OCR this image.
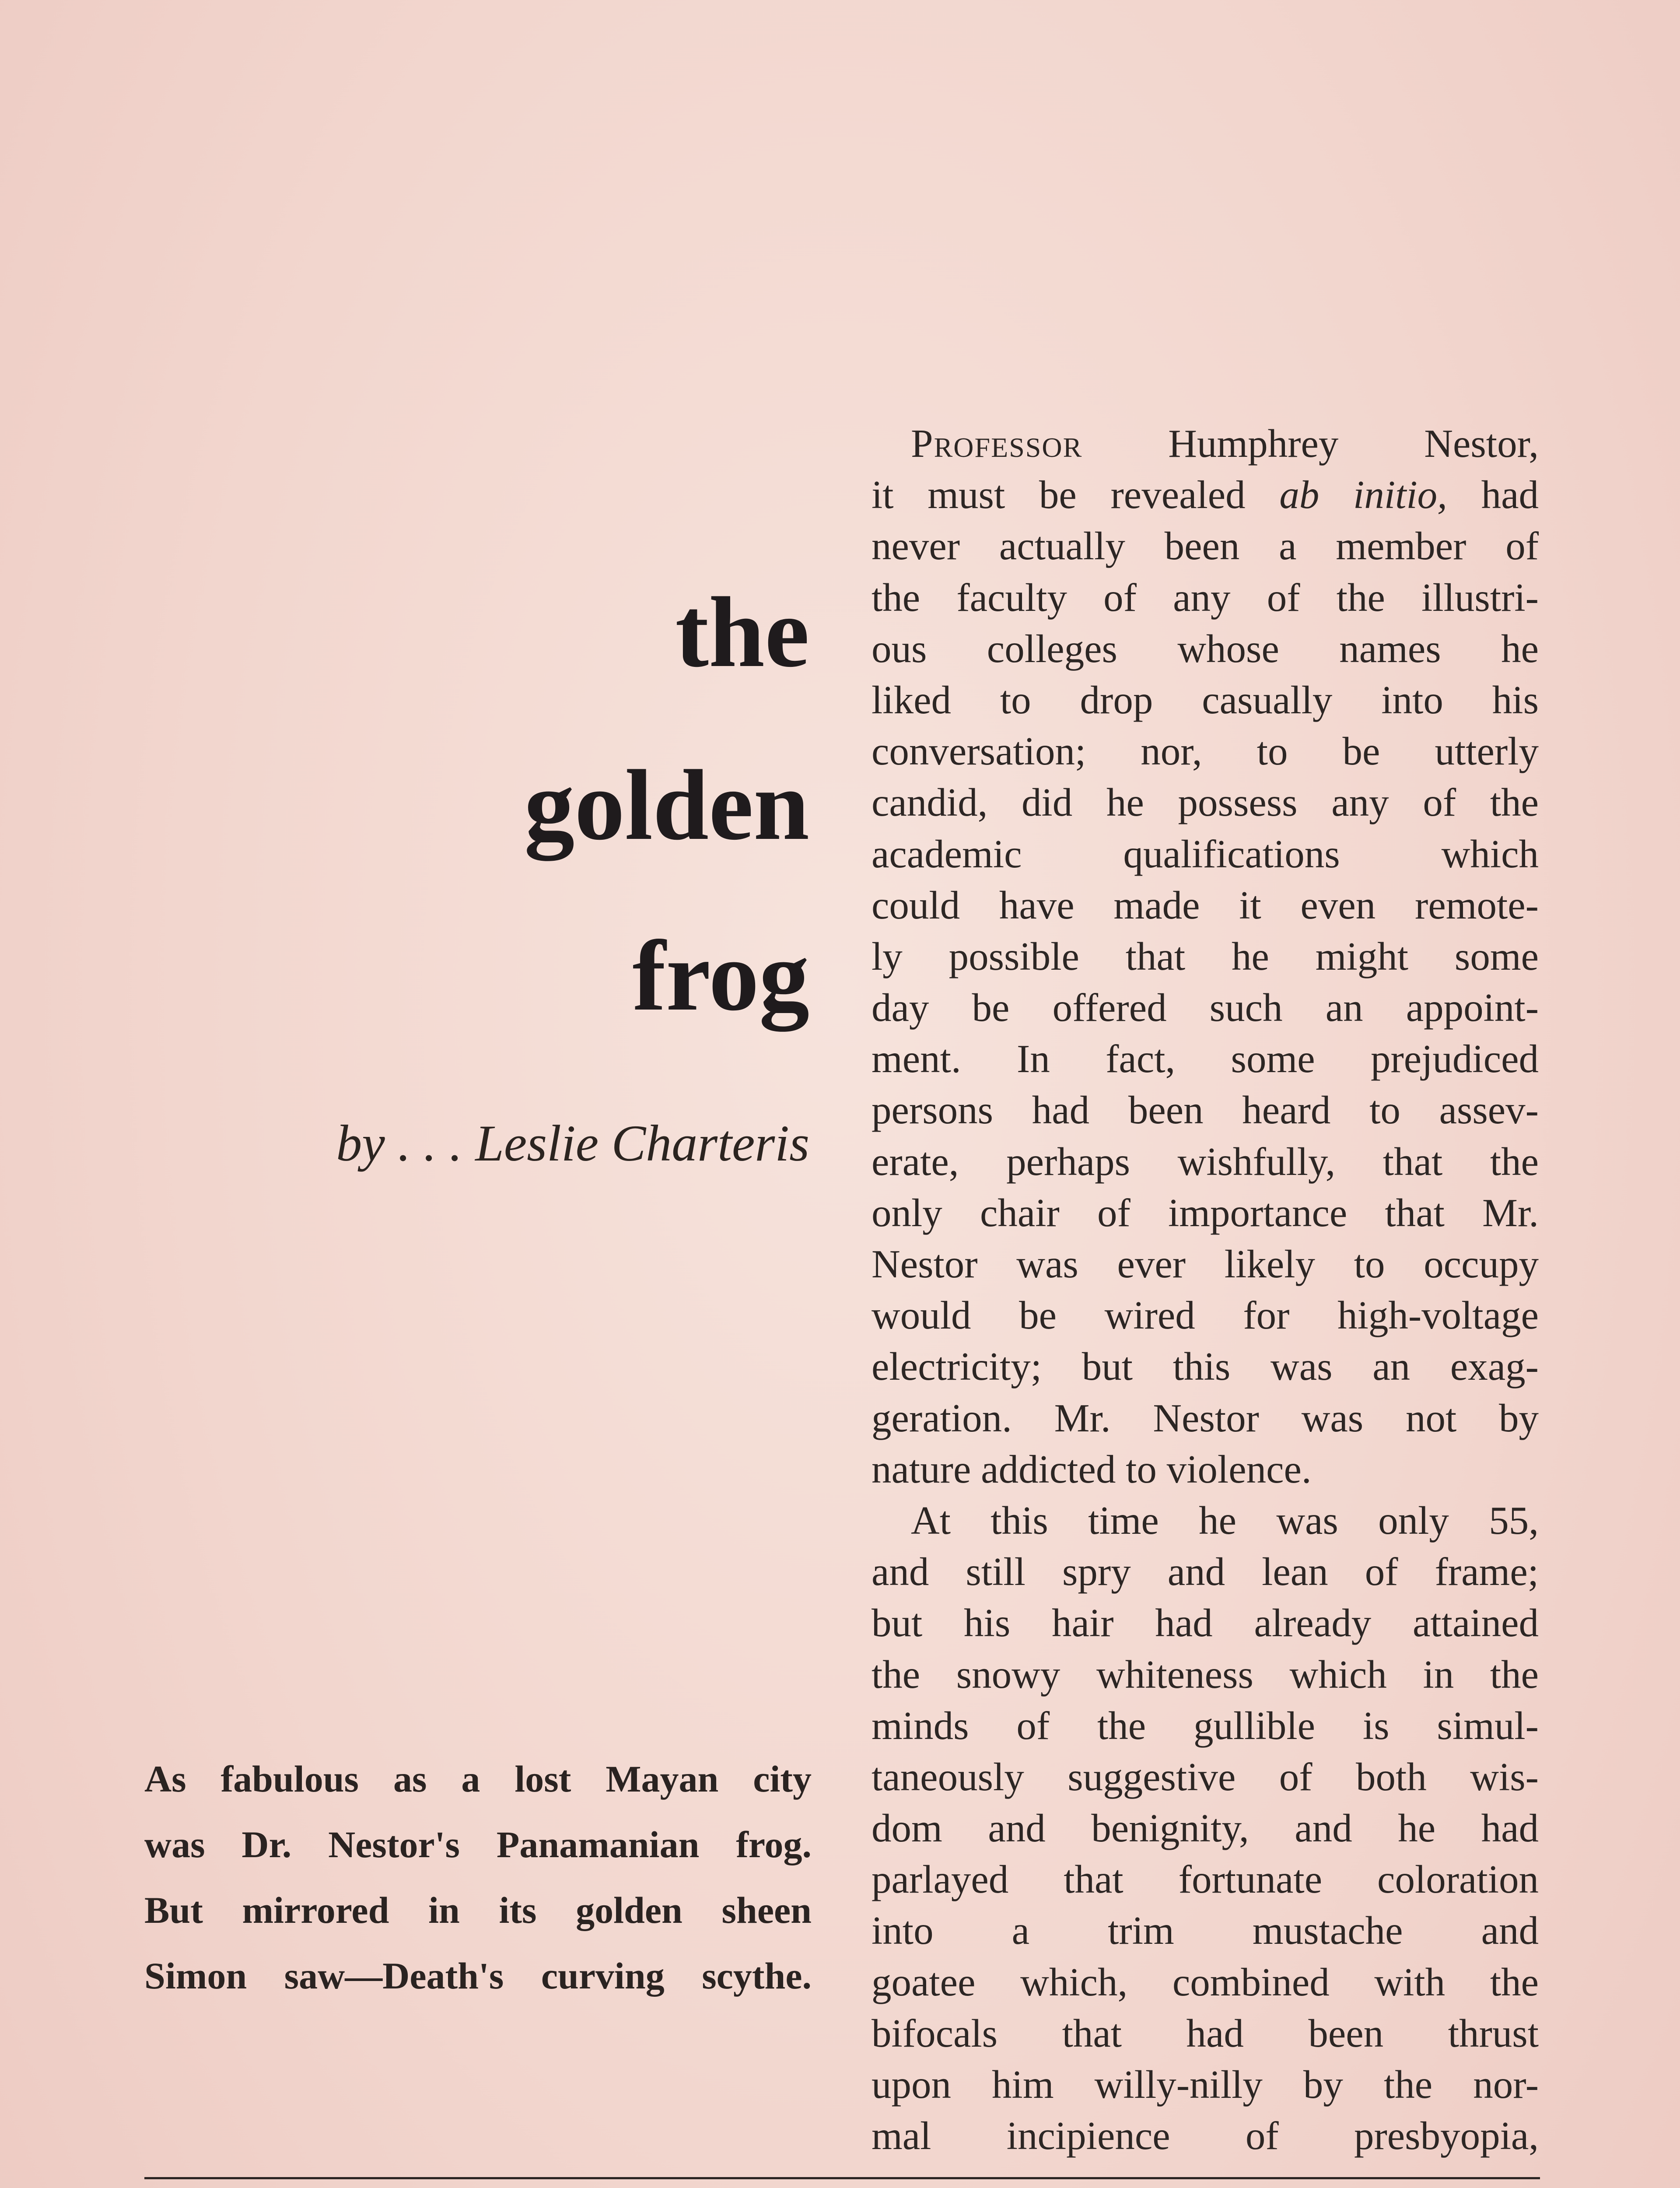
the
golden
frog
by . . . Leslie Charteris
As fabulous as a lost Mayan city
was Dr. Nestor's Panamanian frog.
But mirrored in its golden sheen
Simon saw—Death's curving scythe.
Professor Humphrey Nestor,
it must be revealed ab initio, had
never actually been a member of
the faculty of any of the illustri-
ous colleges whose names he
liked to drop casually into his
conversation; nor, to be utterly
candid, did he possess any of the
academic qualifications which
could have made it even remote-
ly possible that he might some
day be offered such an appoint-
ment. In fact, some prejudiced
persons had been heard to assev-
erate, perhaps wishfully, that the
only chair of importance that Mr.
Nestor was ever likely to occupy
would be wired for high-voltage
electricity; but this was an exag-
geration. Mr. Nestor was not by
nature addicted to violence.
At this time he was only 55,
and still spry and lean of frame;
but his hair had already attained
the snowy whiteness which in the
minds of the gullible is simul-
taneously suggestive of both wis-
dom and benignity, and he had
parlayed that fortunate coloration
into a trim mustache and
goatee which, combined with the
bifocals that had been thrust
upon him willy-nilly by the nor-
mal incipience of presbyopia,
